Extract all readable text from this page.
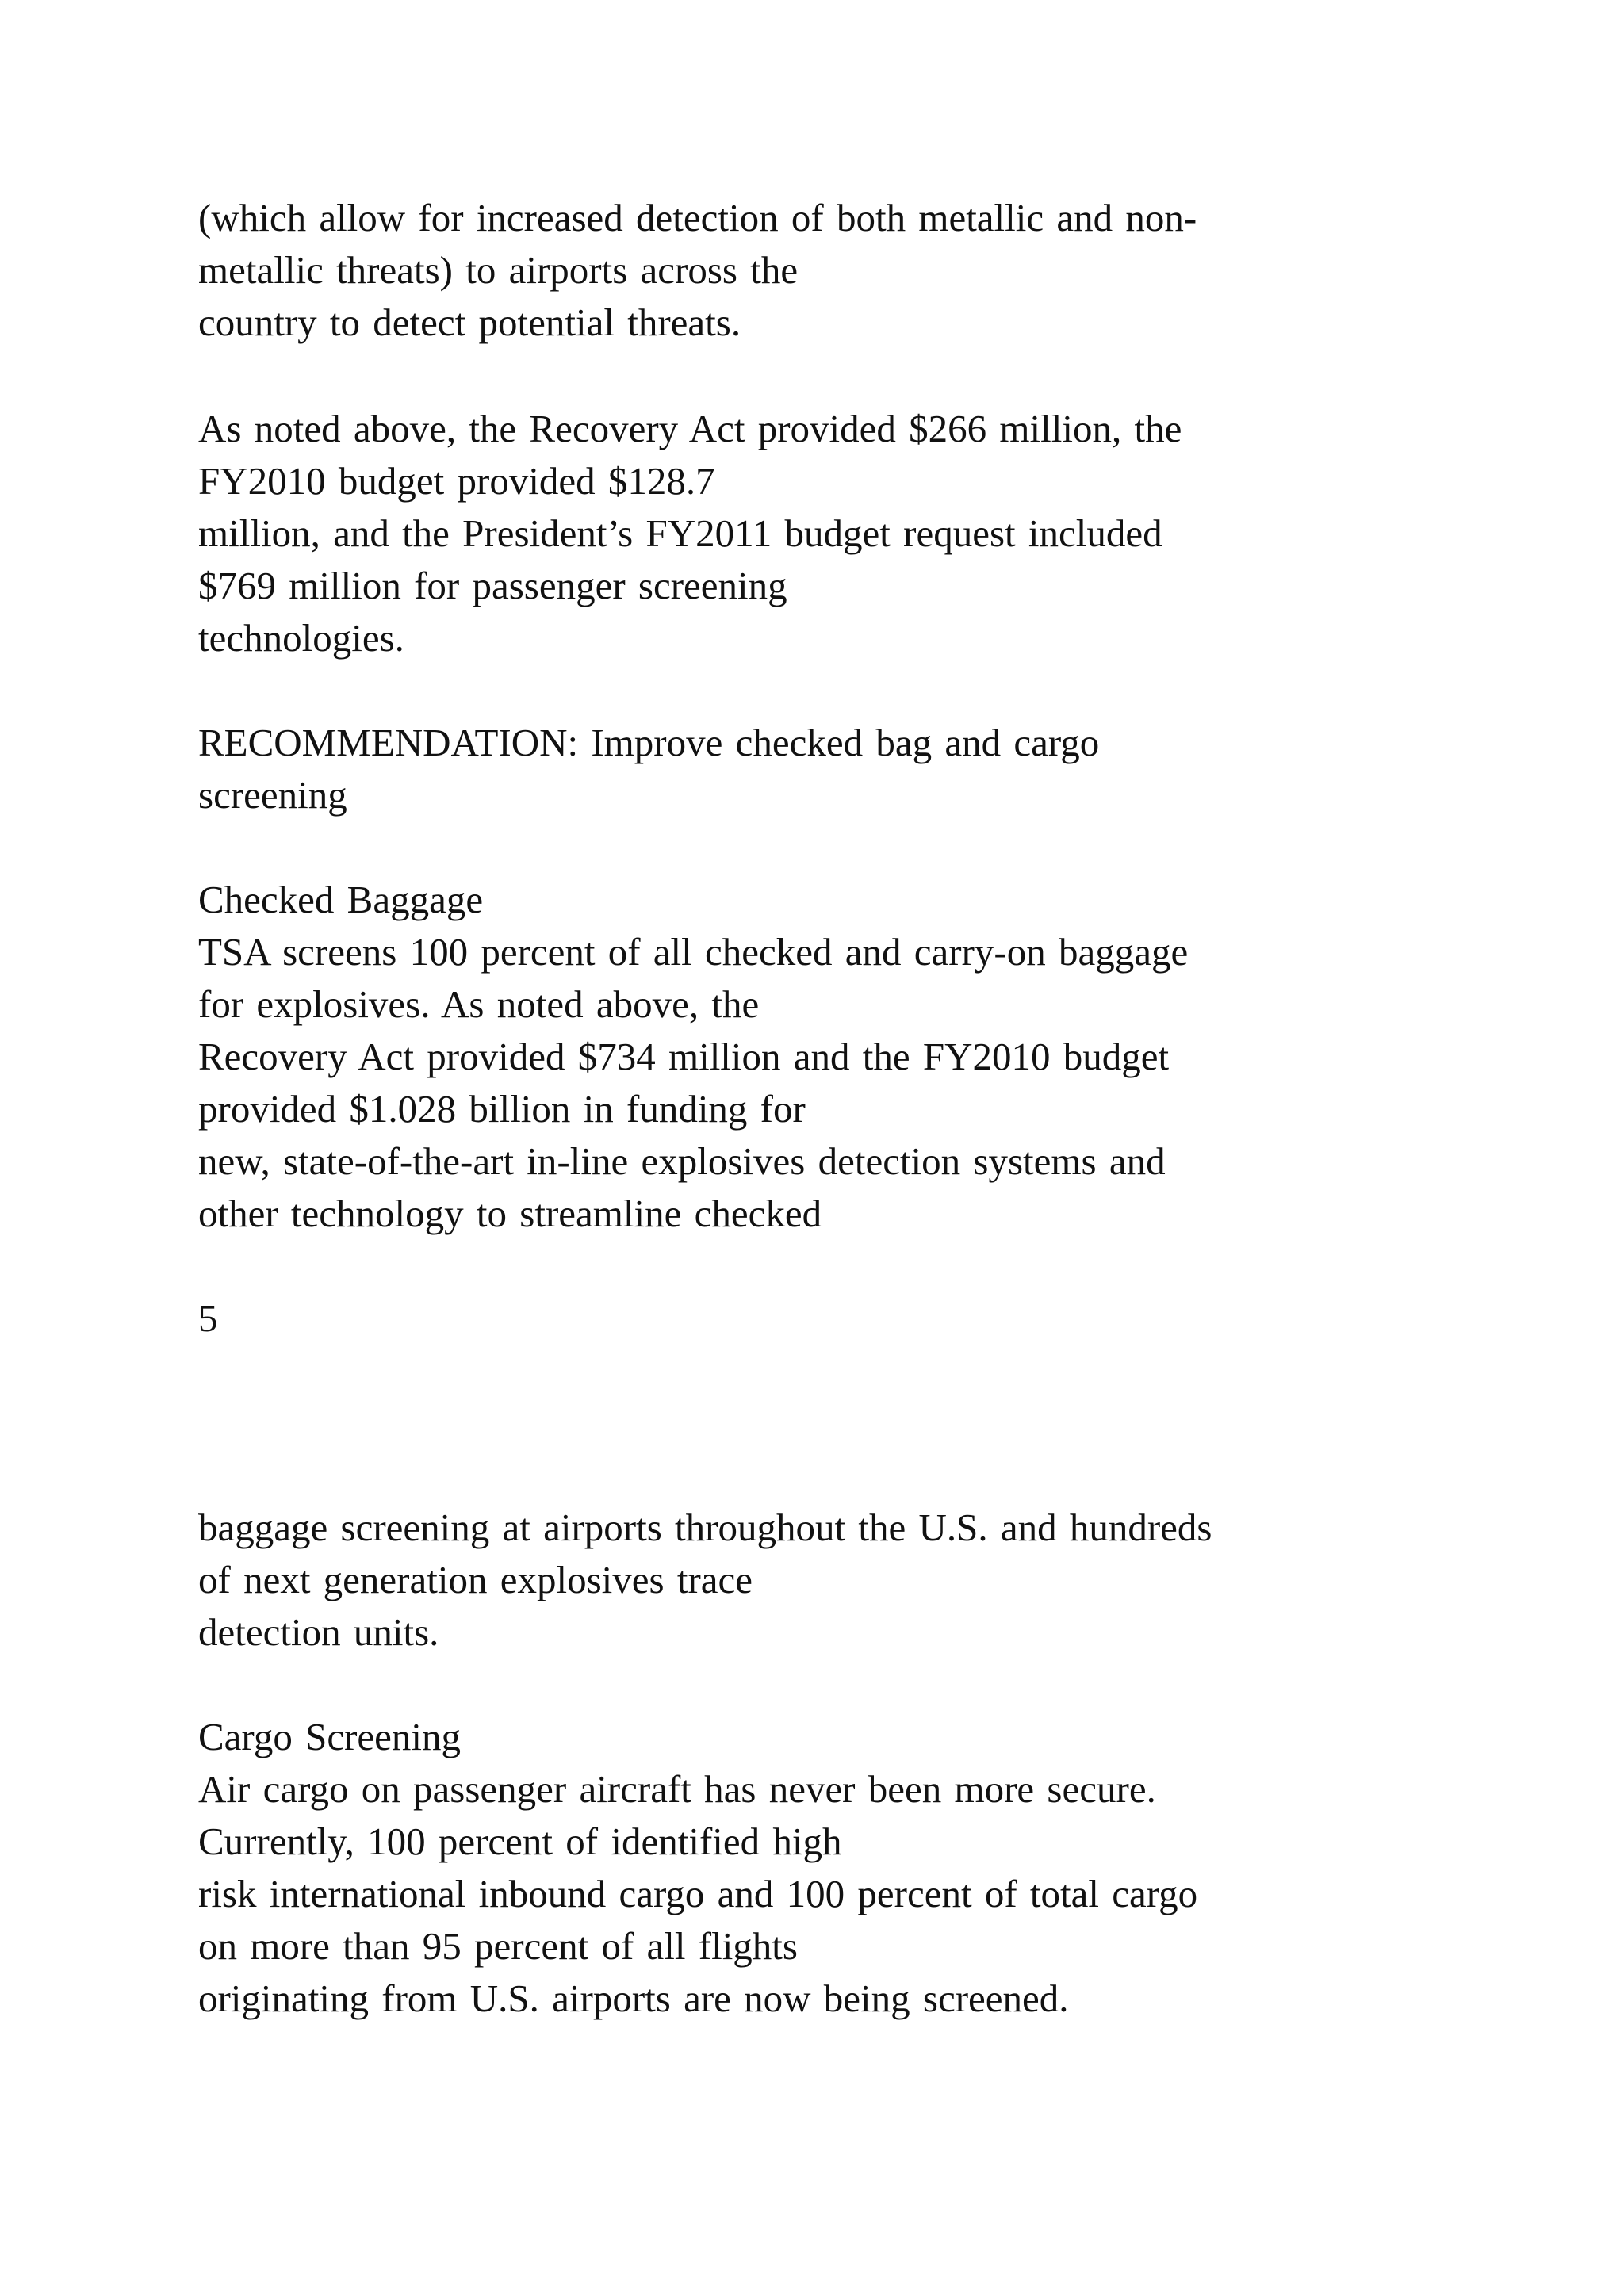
(which allow for increased detection of both metallic and non-
metallic threats) to airports across the
country to detect potential threats.
As noted above, the Recovery Act provided $266 million, the
FY2010 budget provided $128.7
million, and the President’s FY2011 budget request included
$769 million for passenger screening
technologies.
RECOMMENDATION: Improve checked bag and cargo
screening
Checked Baggage
TSA screens 100 percent of all checked and carry-on baggage
for explosives. As noted above, the
Recovery Act provided $734 million and the FY2010 budget
provided $1.028 billion in funding for
new, state-of-the-art in-line explosives detection systems and
other technology to streamline checked
5
baggage screening at airports throughout the U.S. and hundreds
of next generation explosives trace
detection units.
Cargo Screening
Air cargo on passenger aircraft has never been more secure.
Currently, 100 percent of identified high
risk international inbound cargo and 100 percent of total cargo
on more than 95 percent of all flights
originating from U.S. airports are now being screened.
